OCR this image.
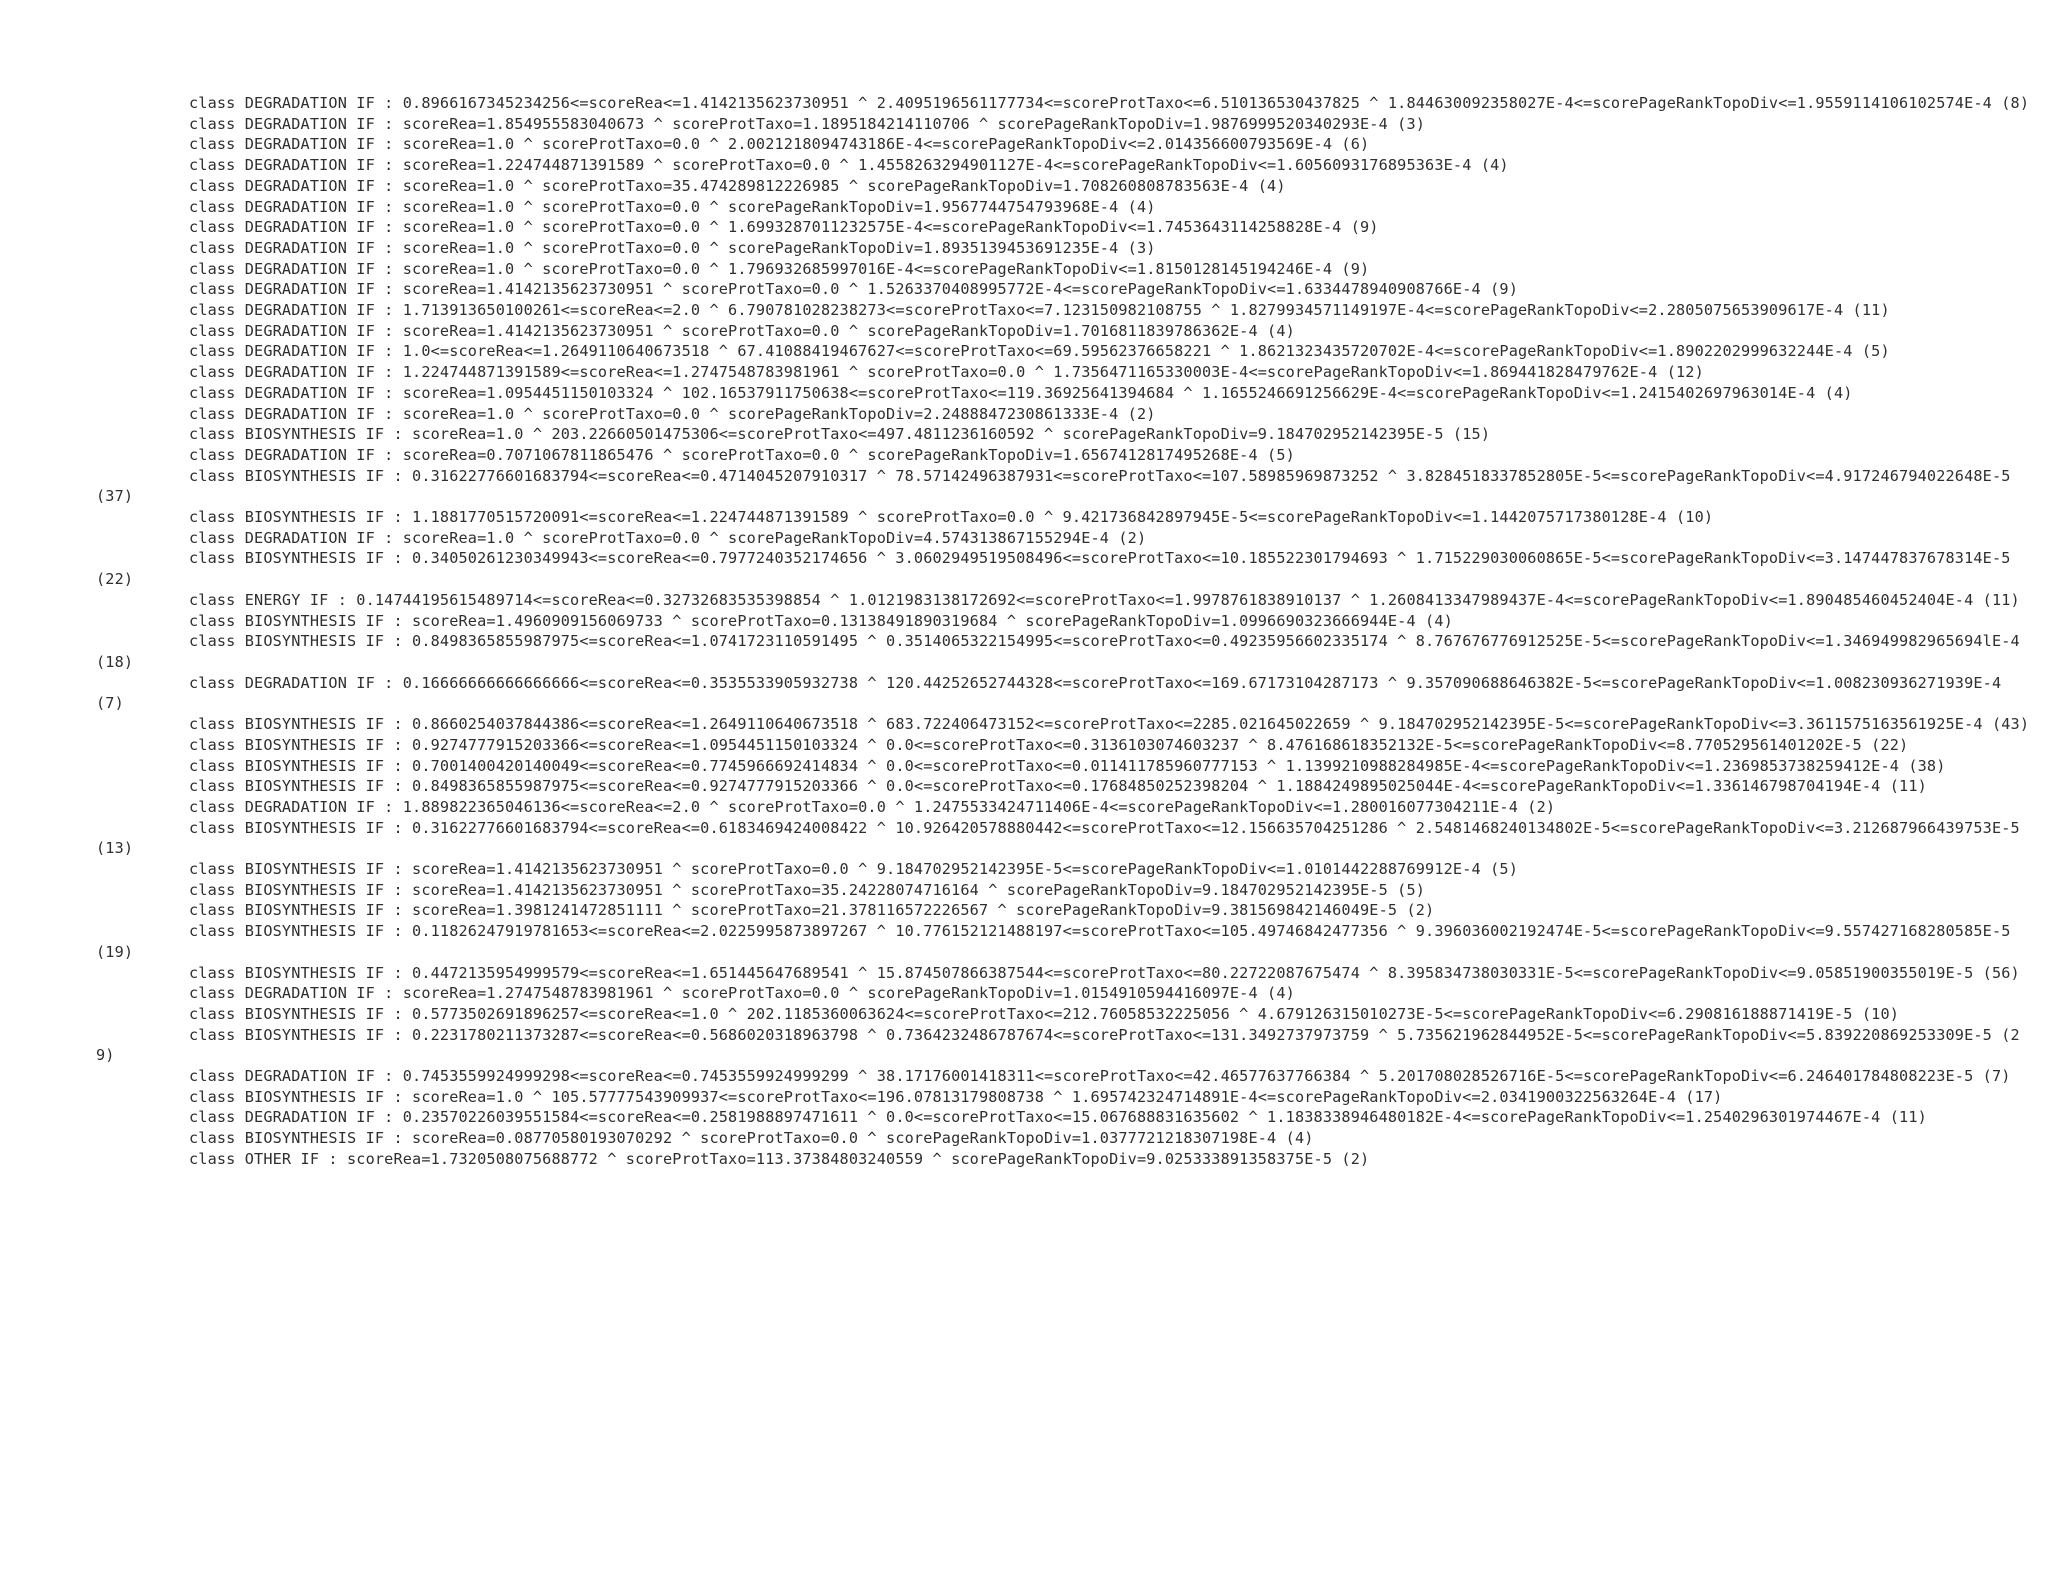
class DEGRADATION IF : 0.8966167345234256<=scoreRea<=1.4142135623730951 ^ 2.4095196561177734<=scoreProtTaxo<=6.510136530437825 ^ 1.844630092358027E-4<=scorePageRankTopoDiv<=1.9559114106102574E-4 (8)

class DEGRADATION IF : scoreRea=1.854955583040673 ^ scoreProtTaxo=1.1895184214110706 ^ scorePageRankTopoDiv=1.9876999520340293E-4 (3)

class DEGRADATION IF : scoreRea=1.0 ^ scoreProtTaxo=0.0 ^ 2.0021218094743186E-4<=scorePageRankTopoDiv<=2.014356600793569E-4 (6)

class DEGRADATION IF : scoreRea=1.224744871391589 ^ scoreProtTaxo=0.0 ^ 1.4558263294901127E-4<=scorePageRankTopoDiv<=1.6056093176895363E-4 (4)

class DEGRADATION IF : scoreRea=1.0 ^ scoreProtTaxo=35.474289812226985 ^ scorePageRankTopoDiv=1.708260808783563E-4 (4)

class DEGRADATION IF : scoreRea=1.0 ^ scoreProtTaxo=0.0 ^ scorePageRankTopoDiv=1.9567744754793968E-4 (4)

class DEGRADATION IF : scoreRea=1.0 ^ scoreProtTaxo=0.0 ^ 1.6993287011232575E-4<=scorePageRankTopoDiv<=1.7453643114258828E-4 (9)

class DEGRADATION IF : scoreRea=1.0 ^ scoreProtTaxo=0.0 ^ scorePageRankTopoDiv=1.8935139453691235E-4 (3)

class DEGRADATION IF : scoreRea=1.0 ^ scoreProtTaxo=0.0 ^ 1.796932685997016E-4<=scorePageRankTopoDiv<=1.8150128145194246E-4 (9)

class DEGRADATION IF : scoreRea=1.4142135623730951 ^ scoreProtTaxo=0.0 ^ 1.5263370408995772E-4<=scorePageRankTopoDiv<=1.6334478940908766E-4 (9)

class DEGRADATION IF : 1.713913650100261<=scoreRea<=2.0 ^ 6.790781028238273<=scoreProtTaxo<=7.123150982108755 ^ 1.8279934571149197E-4<=scorePageRankTopoDiv<=2.2805075653909617E-4 (11)

class DEGRADATION IF : scoreRea=1.4142135623730951 ^ scoreProtTaxo=0.0 ^ scorePageRankTopoDiv=1.7016811839786362E-4 (4)

class DEGRADATION IF : 1.0<=scoreRea<=1.2649110640673518 ^ 67.41088419467627<=scoreProtTaxo<=69.59562376658221 ^ 1.8621323435720702E-4<=scorePageRankTopoDiv<=1.8902202999632244E-4 (5)

class DEGRADATION IF : 1.224744871391589<=scoreRea<=1.2747548783981961 ^ scoreProtTaxo=0.0 ^ 1.7356471165330003E-4<=scorePageRankTopoDiv<=1.869441828479762E-4 (12)

class DEGRADATION IF : scoreRea=1.0954451150103324 ^ 102.16537911750638<=scoreProtTaxo<=119.36925641394684 ^ 1.1655246691256629E-4<=scorePageRankTopoDiv<=1.2415402697963014E-4 (4)

class DEGRADATION IF : scoreRea=1.0 ^ scoreProtTaxo=0.0 ^ scorePageRankTopoDiv=2.2488847230861333E-4 (2)

class BIOSYNTHESIS IF : scoreRea=1.0 ^ 203.22660501475306<=scoreProtTaxo<=497.4811236160592 ^ scorePageRankTopoDiv=9.184702952142395E-5 (15)

class DEGRADATION IF : scoreRea=0.7071067811865476 ^ scoreProtTaxo=0.0 ^ scorePageRankTopoDiv=1.6567412817495268E-4 (5)

class BIOSYNTHESIS IF : 0.31622776601683794<=scoreRea<=0.4714045207910317 ^ 78.57142496387931<=scoreProtTaxo<=107.58985969873252 ^ 3.8284518337852805E-5<=scorePageRankTopoDiv<=4.917246794022648E-5 (37)

class BIOSYNTHESIS IF : 1.1881770515720091<=scoreRea<=1.224744871391589 ^ scoreProtTaxo=0.0 ^ 9.421736842897945E-5<=scorePageRankTopoDiv<=1.1442075717380128E-4 (10)

class DEGRADATION IF : scoreRea=1.0 ^ scoreProtTaxo=0.0 ^ scorePageRankTopoDiv=4.574313867155294E-4 (2)

class BIOSYNTHESIS IF : 0.34050261230349943<=scoreRea<=0.7977240352174656 ^ 3.0602949519508496<=scoreProtTaxo<=10.185522301794693 ^ 1.715229030060865E-5<=scorePageRankTopoDiv<=3.147447837678314E-5 (22)

class ENERGY IF : 0.14744195615489714<=scoreRea<=0.32732683535398854 ^ 1.0121983138172692<=scoreProtTaxo<=1.9978761838910137 ^ 1.2608413347989437E-4<=scorePageRankTopoDiv<=1.890485460452404E-4 (11)

class BIOSYNTHESIS IF : scoreRea=1.4960909156069733 ^ scoreProtTaxo=0.13138491890319684 ^ scorePageRankTopoDiv=1.0996690323666944E-4 (4)

class BIOSYNTHESIS IF : 0.8498365855987975<=scoreRea<=1.0741723110591495 ^ 0.3514065322154995<=scoreProtTaxo<=0.49235956602335174 ^ 8.767676776912525E-5<=scorePageRankTopoDiv<=1.346949982965694lE-4 (18)

class DEGRADATION IF : 0.16666666666666666<=scoreRea<=0.3535533905932738 ^ 120.44252652744328<=scoreProtTaxo<=169.67173104287173 ^ 9.357090688646382E-5<=scorePageRankTopoDiv<=1.008230936271939E-4 (7)

class BIOSYNTHESIS IF : 0.8660254037844386<=scoreRea<=1.2649110640673518 ^ 683.722406473152<=scoreProtTaxo<=2285.021645022659 ^ 9.184702952142395E-5<=scorePageRankTopoDiv<=3.3611575163561925E-4 (43)

class BIOSYNTHESIS IF : 0.9274777915203366<=scoreRea<=1.0954451150103324 ^ 0.0<=scoreProtTaxo<=0.3136103074603237 ^ 8.476168618352132E-5<=scorePageRankTopoDiv<=8.770529561401202E-5 (22)

class BIOSYNTHESIS IF : 0.7001400420140049<=scoreRea<=0.7745966692414834 ^ 0.0<=scoreProtTaxo<=0.011411785960777153 ^ 1.1399210988284985E-4<=scorePageRankTopoDiv<=1.2369853738259412E-4 (38)

class BIOSYNTHESIS IF : 0.8498365855987975<=scoreRea<=0.9274777915203366 ^ 0.0<=scoreProtTaxo<=0.17684850252398204 ^ 1.1884249895025044E-4<=scorePageRankTopoDiv<=1.336146798704194E-4 (11)

class DEGRADATION IF : 1.889822365046136<=scoreRea<=2.0 ^ scoreProtTaxo=0.0 ^ 1.2475533424711406E-4<=scorePageRankTopoDiv<=1.280016077304211E-4 (2)

class BIOSYNTHESIS IF : 0.31622776601683794<=scoreRea<=0.6183469424008422 ^ 10.926420578880442<=scoreProtTaxo<=12.156635704251286 ^ 2.5481468240134802E-5<=scorePageRankTopoDiv<=3.212687966439753E-5 (13)

class BIOSYNTHESIS IF : scoreRea=1.4142135623730951 ^ scoreProtTaxo=0.0 ^ 9.184702952142395E-5<=scorePageRankTopoDiv<=1.0101442288769912E-4 (5)

class BIOSYNTHESIS IF : scoreRea=1.4142135623730951 ^ scoreProtTaxo=35.24228074716164 ^ scorePageRankTopoDiv=9.184702952142395E-5 (5)

class BIOSYNTHESIS IF : scoreRea=1.3981241472851111 ^ scoreProtTaxo=21.378116572226567 ^ scorePageRankTopoDiv=9.381569842146049E-5 (2)

class BIOSYNTHESIS IF : 0.11826247919781653<=scoreRea<=2.0225995873897267 ^ 10.776152121488197<=scoreProtTaxo<=105.49746842477356 ^ 9.396036002192474E-5<=scorePageRankTopoDiv<=9.557427168280585E-5 (19)

class BIOSYNTHESIS IF : 0.4472135954999579<=scoreRea<=1.651445647689541 ^ 15.874507866387544<=scoreProtTaxo<=80.22722087675474 ^ 8.395834738030331E-5<=scorePageRankTopoDiv<=9.05851900355019E-5 (56)

class DEGRADATION IF : scoreRea=1.2747548783981961 ^ scoreProtTaxo=0.0 ^ scorePageRankTopoDiv=1.0154910594416097E-4 (4)

class BIOSYNTHESIS IF : 0.5773502691896257<=scoreRea<=1.0 ^ 202.1185360063624<=scoreProtTaxo<=212.76058532225056 ^ 4.679126315010273E-5<=scorePageRankTopoDiv<=6.290816188871419E-5 (10)

class BIOSYNTHESIS IF : 0.2231780211373287<=scoreRea<=0.5686020318963798 ^ 0.7364232486787674<=scoreProtTaxo<=131.3492737973759 ^ 5.735621962844952E-5<=scorePageRankTopoDiv<=5.839220869253309E-5 (29)

class DEGRADATION IF : 0.7453559924999298<=scoreRea<=0.7453559924999299 ^ 38.17176001418311<=scoreProtTaxo<=42.46577637766384 ^ 5.201708028526716E-5<=scorePageRankTopoDiv<=6.246401784808223E-5 (7)

class BIOSYNTHESIS IF : scoreRea=1.0 ^ 105.57777543909937<=scoreProtTaxo<=196.07813179808738 ^ 1.695742324714891E-4<=scorePageRankTopoDiv<=2.0341900322563264E-4 (17)

class DEGRADATION IF : 0.23570226039551584<=scoreRea<=0.2581988897471611 ^ 0.0<=scoreProtTaxo<=15.067688831635602 ^ 1.1838338946480182E-4<=scorePageRankTopoDiv<=1.2540296301974467E-4 (11)

class BIOSYNTHESIS IF : scoreRea=0.08770580193070292 ^ scoreProtTaxo=0.0 ^ scorePageRankTopoDiv=1.0377721218307198E-4 (4)

class OTHER IF : scoreRea=1.7320508075688772 ^ scoreProtTaxo=113.37384803240559 ^ scorePageRankTopoDiv=9.025333891358375E-5 (2)
